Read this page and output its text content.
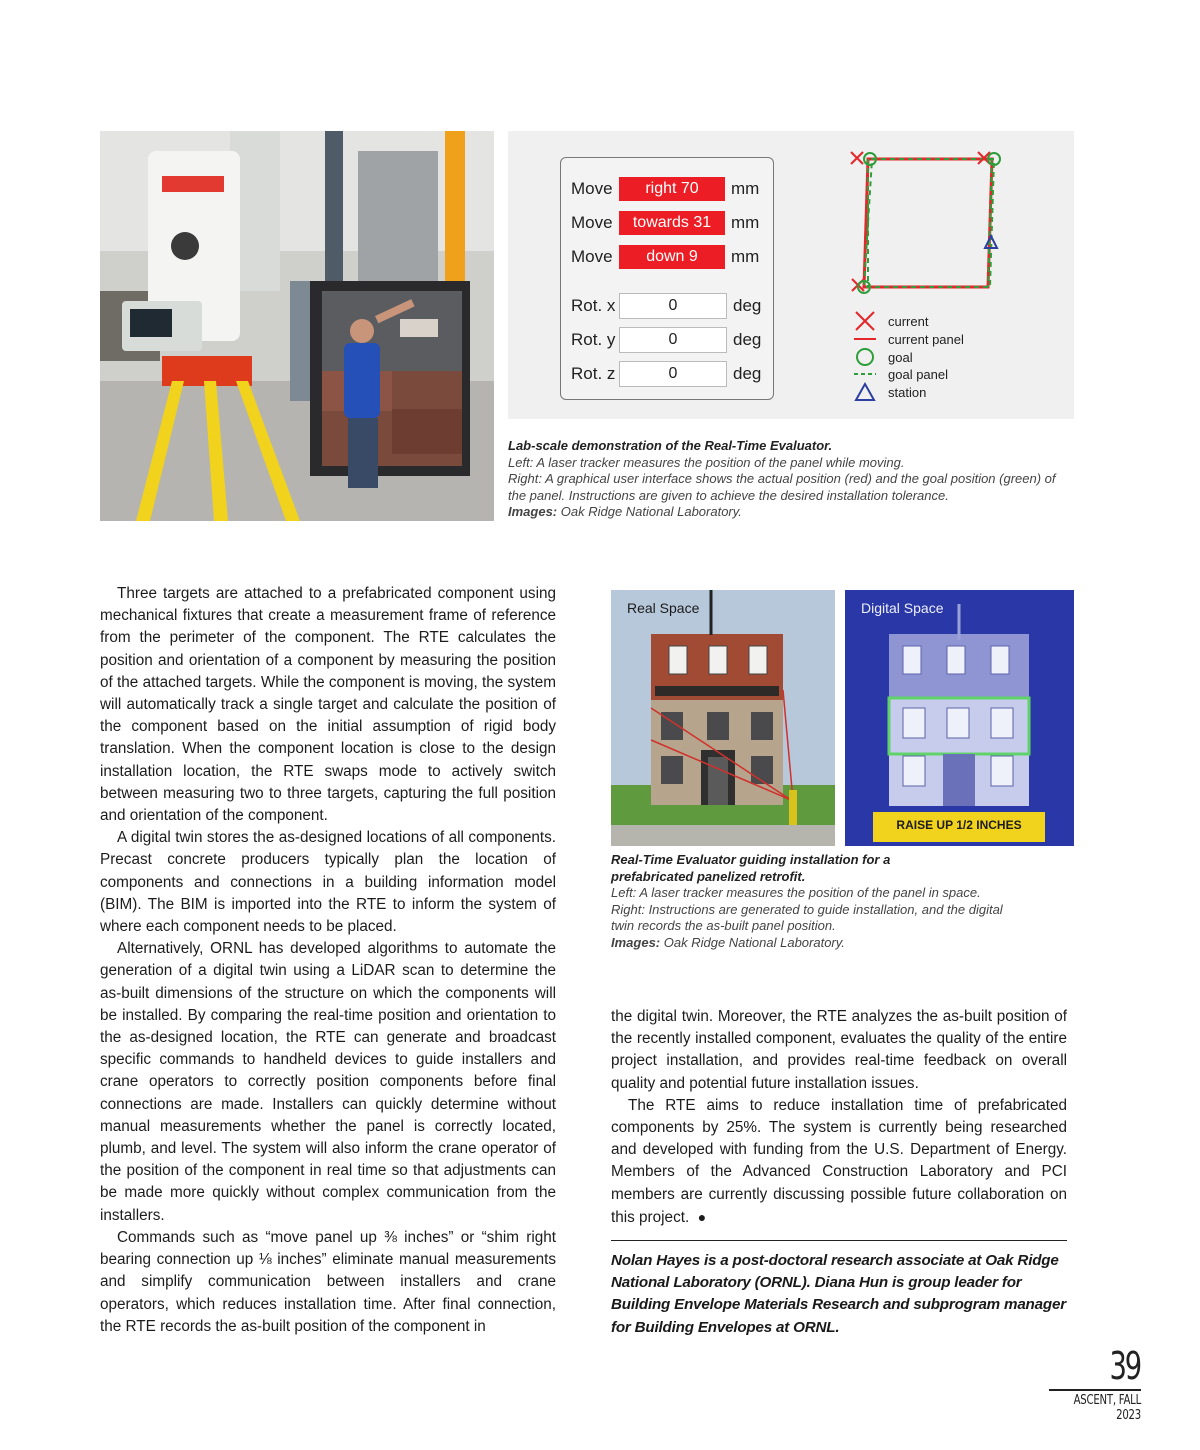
Move	right 70	mm
Move	towards 31	mm
Move	down 9	mm
Rot. x	0	deg
Rot. y	0	deg
Rot. z	0	deg
current
current panel
goal
goal panel
station
Lab-scale demonstration of the Real-Time Evaluator.
Left: A laser tracker measures the position of the panel while moving.
Right: A graphical user interface shows the actual position (red) and the goal position (green) of the panel. Instructions are given to achieve the desired installation tolerance.
Images: Oak Ridge National Laboratory.

Three targets are attached to a prefabricated component using mechanical fixtures that create a measurement frame of reference from the perimeter of the component. The RTE calculates the position and orientation of a component by measuring the position of the attached targets. While the component is moving, the system will automatically track a single target and calculate the position of the component based on the initial assumption of rigid body translation. When the component location is close to the design installation location, the RTE swaps mode to actively switch between measuring two to three targets, capturing the full position and orientation of the component.

A digital twin stores the as-designed locations of all components. Precast concrete producers typically plan the location of components and connections in a building information model (BIM). The BIM is imported into the RTE to inform the system of where each component needs to be placed.

Alternatively, ORNL has developed algorithms to automate the generation of a digital twin using a LiDAR scan to determine the as-built dimensions of the structure on which the components will be installed. By comparing the real-time position and orientation to the as-designed location, the RTE can generate and broadcast specific commands to handheld devices to guide installers and crane operators to correctly position components before final connections are made. Installers can quickly determine without manual measurements whether the panel is correctly located, plumb, and level. The system will also inform the crane operator of the position of the component in real time so that adjustments can be made more quickly without complex communication from the installers.

Commands such as “move panel up ⅜ inches” or “shim right bearing connection up ⅛ inches” eliminate manual measurements and simplify communication between installers and crane operators, which reduces installation time. After final connection, the RTE records the as-built position of the component in

Real Space	Digital Space
RAISE UP 1/2 INCHES
Real-Time Evaluator guiding installation for a prefabricated panelized retrofit.
Left: A laser tracker measures the position of the panel in space.
Right: Instructions are generated to guide installation, and the digital twin records the as-built panel position.
Images: Oak Ridge National Laboratory.

the digital twin. Moreover, the RTE analyzes the as-built position of the recently installed component, evaluates the quality of the entire project installation, and provides real-time feedback on overall quality and potential future installation issues.

The RTE aims to reduce installation time of prefabricated components by 25%. The system is currently being researched and developed with funding from the U.S. Department of Energy. Members of the Advanced Construction Laboratory and PCI members are currently discussing possible future collaboration on this project. ●

Nolan Hayes is a post-doctoral research associate at Oak Ridge National Laboratory (ORNL). Diana Hun is group leader for Building Envelope Materials Research and subprogram manager for Building Envelopes at ORNL.
39
ASCENT, FALL 2023
